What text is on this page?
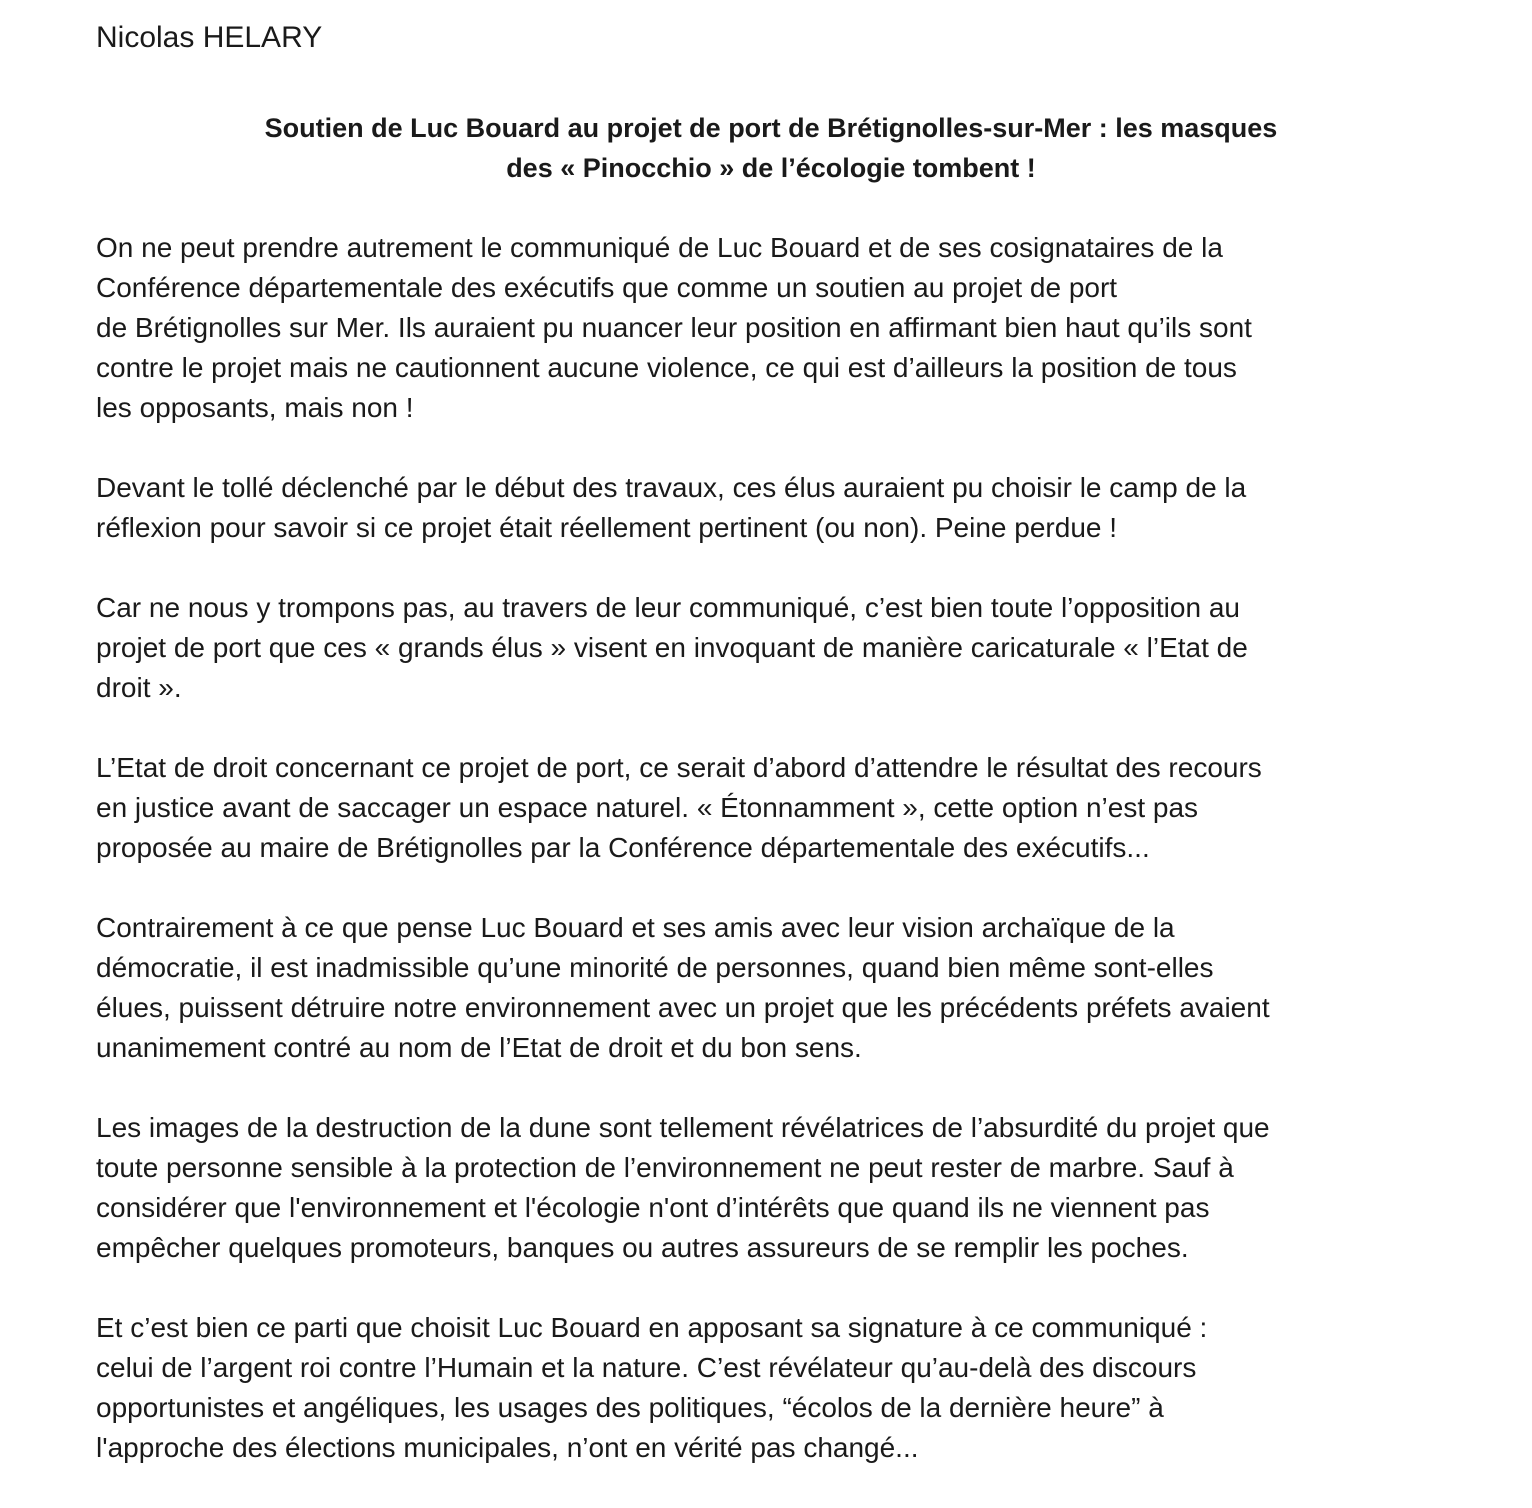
Nicolas HELARY

Soutien de Luc Bouard au projet de port de Brétignolles-sur-Mer : les masques
des « Pinocchio » de l’écologie tombent !

On ne peut prendre autrement le communiqué de Luc Bouard et de ses cosignataires de la
Conférence départementale des exécutifs que comme un soutien au projet de port
de Brétignolles sur Mer. Ils auraient pu nuancer leur position en affirmant bien haut qu’ils sont
contre le projet mais ne cautionnent aucune violence, ce qui est d’ailleurs la position de tous
les opposants, mais non !

Devant le tollé déclenché par le début des travaux, ces élus auraient pu choisir le camp de la
réflexion pour savoir si ce projet était réellement pertinent (ou non). Peine perdue !

Car ne nous y trompons pas, au travers de leur communiqué, c’est bien toute l’opposition au
projet de port que ces « grands élus » visent en invoquant de manière caricaturale « l’Etat de
droit ».

L’Etat de droit concernant ce projet de port, ce serait d’abord d’attendre le résultat des recours
en justice avant de saccager un espace naturel. « Étonnamment », cette option n’est pas
proposée au maire de Brétignolles par la Conférence départementale des exécutifs...

Contrairement à ce que pense Luc Bouard et ses amis avec leur vision archaïque de la
démocratie, il est inadmissible qu’une minorité de personnes, quand bien même sont-elles
élues, puissent détruire notre environnement avec un projet que les précédents préfets avaient
unanimement contré au nom de l’Etat de droit et du bon sens.

Les images de la destruction de la dune sont tellement révélatrices de l’absurdité du projet que
toute personne sensible à la protection de l’environnement ne peut rester de marbre. Sauf à
considérer que l'environnement et l'écologie n'ont d’intérêts que quand ils ne viennent pas
empêcher quelques promoteurs, banques ou autres assureurs de se remplir les poches.

Et c’est bien ce parti que choisit Luc Bouard en apposant sa signature à ce communiqué :
celui de l’argent roi contre l’Humain et la nature. C’est révélateur qu’au-delà des discours
opportunistes et angéliques, les usages des politiques, “écolos de la dernière heure” à
l'approche des élections municipales, n’ont en vérité pas changé...
